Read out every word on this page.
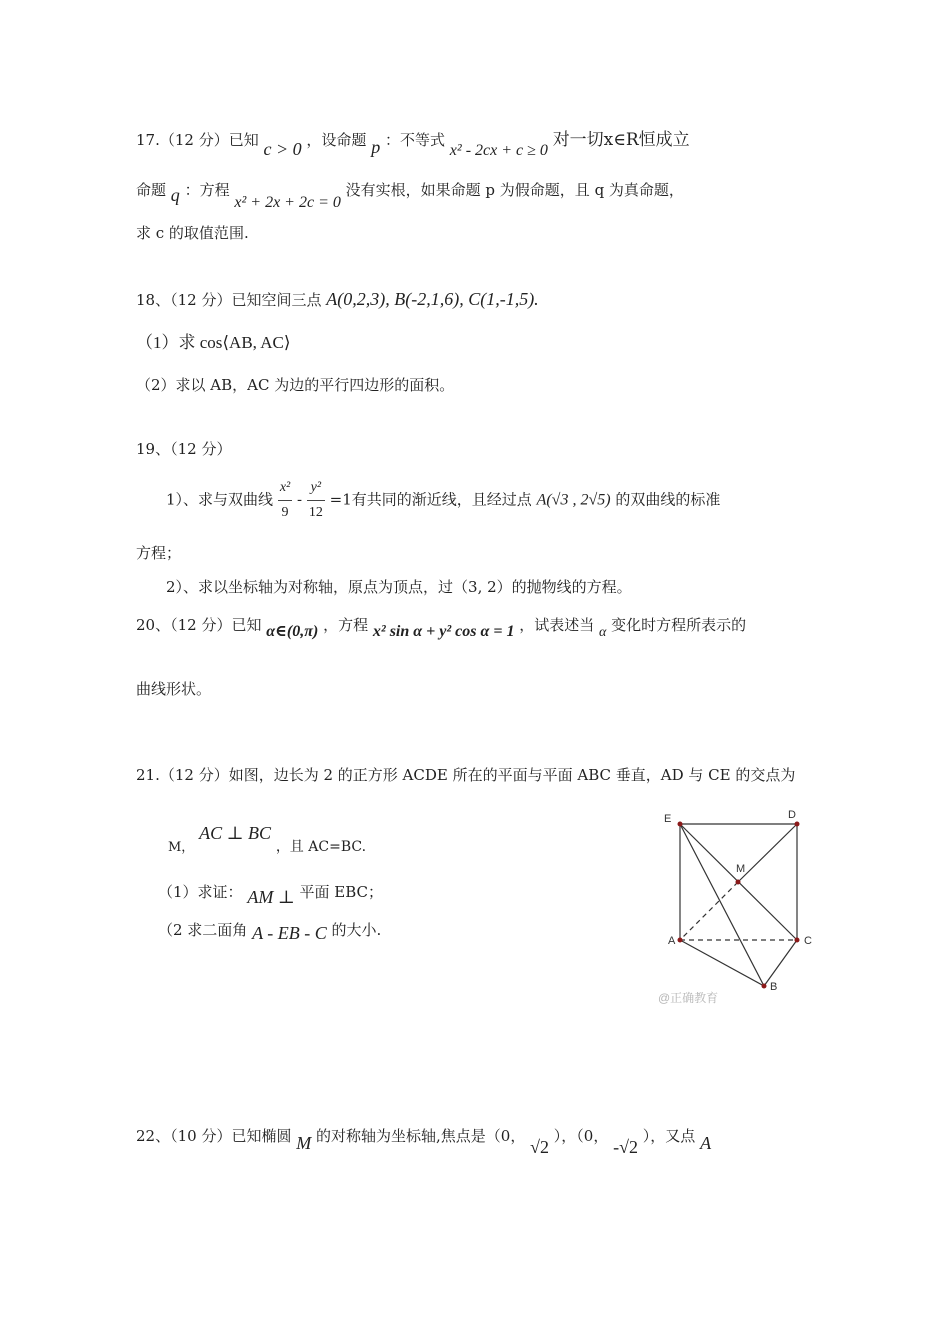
17.（12 分）已知 c > 0 ，设命题 p ：不等式 x² - 2cx + c ≥ 0 对一切x∈R恒成立
命题 q ：方程 x² + 2x + 2c = 0 没有实根，如果命题 p 为假命题，且 q 为真命题，
求 c 的取值范围.
18、（12 分）已知空间三点 A(0,2,3), B(-2,1,6), C(1,-1,5).
（1）求 cos⟨AB, AC⟩
（2）求以 AB，AC 为边的平行四边形的面积。
19、（12 分）
1）、求与双曲线 $\frac{\text{x²}}{9} - \frac{\text{y²}}{12} =1$有共同的渐近线，且经过点 A(√3 , 2√5) 的双曲线的标准
方程；
2）、求以坐标轴为对称轴，原点为顶点，过（3, 2）的抛物线的方程。
20、（12 分）已知 α∈(0,π) ，方程 x² sin α + y² cos α = 1 ，试表述当 α 变化时方程所表示的
曲线形状。
21.（12 分）如图，边长为 2 的正方形 ACDE 所在的平面与平面 ABC 垂直，AD 与 CE 的交点为
M， AC ⊥ BC ，且 AC=BC.
（1）求证： AM ⊥ 平面 EBC；
（2 求二面角 A - EB - C 的大小.
E	D
M
A	C
B
@正确教育
22、（10 分）已知椭圆 M 的对称轴为坐标轴,焦点是（0， √2 ），（0， -√2 ），又点 A
